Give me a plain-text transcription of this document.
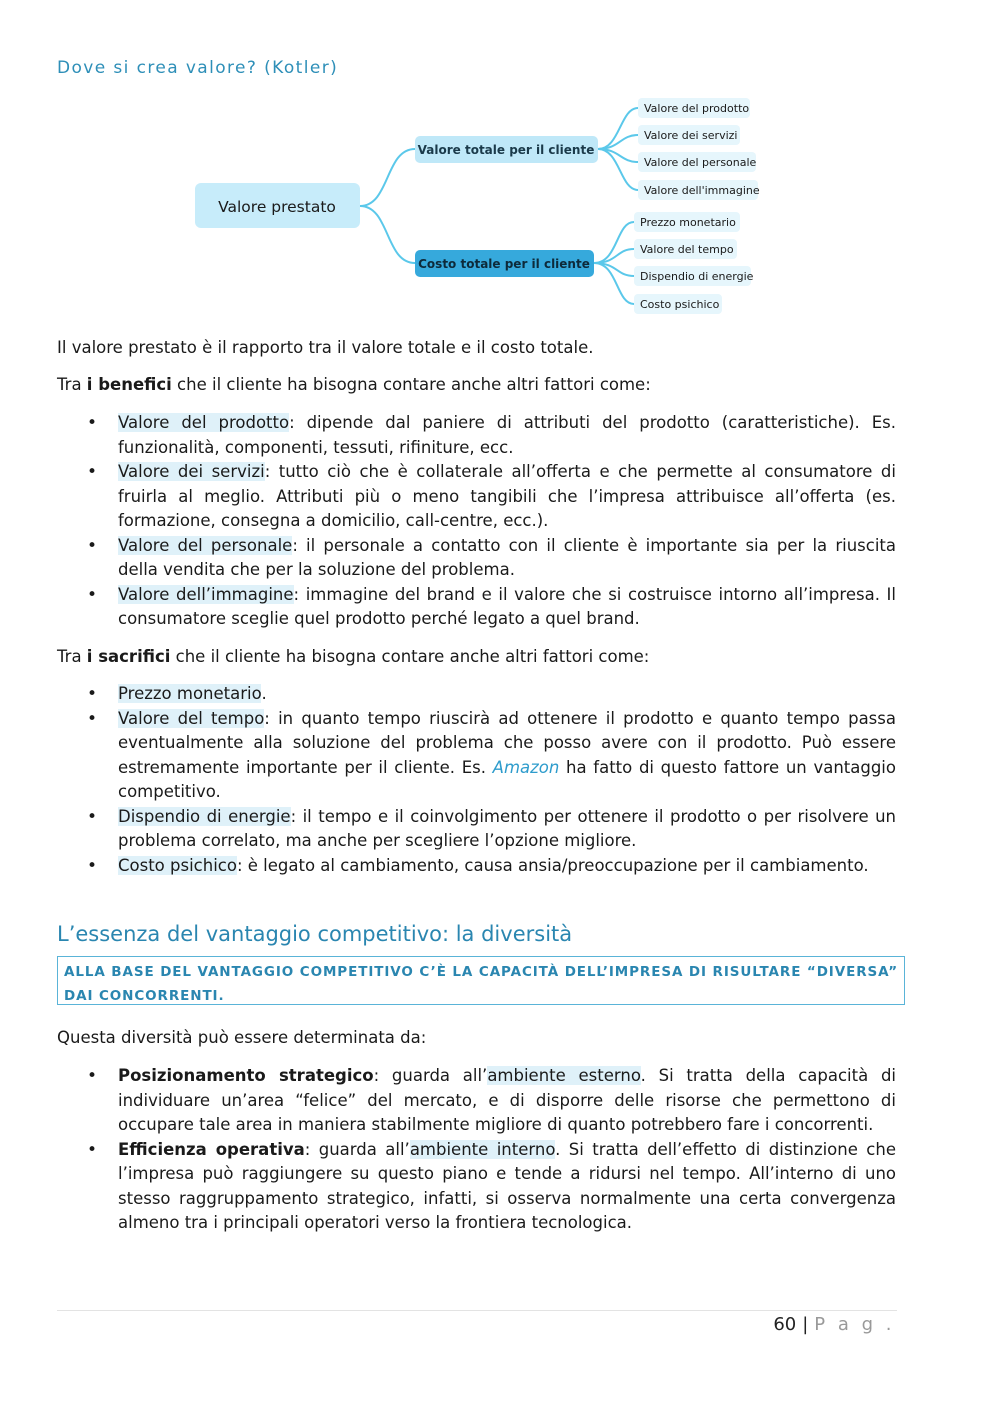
Dove si crea valore? (Kotler)
Valore prestato
Valore totale per il cliente
Costo totale per il cliente
Valore del prodotto
Valore dei servizi
Valore del personale
Valore dell'immagine
Prezzo monetario
Valore del tempo
Dispendio di energie
Costo psichico

Il valore prestato è il rapporto tra il valore totale e il costo totale.

Tra i benefici che il cliente ha bisogna contare anche altri fattori come:

• Valore del prodotto: dipende dal paniere di attributi del prodotto (caratteristiche). Es. funzionalità, componenti, tessuti, rifiniture, ecc.
• Valore dei servizi: tutto ciò che è collaterale all’offerta e che permette al consumatore di fruirla al meglio. Attributi più o meno tangibili che l’impresa attribuisce all’offerta (es. formazione, consegna a domicilio, call-centre, ecc.).
• Valore del personale: il personale a contatto con il cliente è importante sia per la riuscita della vendita che per la soluzione del problema.
• Valore dell’immagine: immagine del brand e il valore che si costruisce intorno all’impresa. Il consumatore sceglie quel prodotto perché legato a quel brand.

Tra i sacrifici che il cliente ha bisogna contare anche altri fattori come:

• Prezzo monetario.
• Valore del tempo: in quanto tempo riuscirà ad ottenere il prodotto e quanto tempo passa eventualmente alla soluzione del problema che posso avere con il prodotto. Può essere estremamente importante per il cliente. Es. Amazon ha fatto di questo fattore un vantaggio competitivo.
• Dispendio di energie: il tempo e il coinvolgimento per ottenere il prodotto o per risolvere un problema correlato, ma anche per scegliere l’opzione migliore.
• Costo psichico: è legato al cambiamento, causa ansia/preoccupazione per il cambiamento.
L’essenza del vantaggio competitivo: la diversità
ALLA BASE DEL VANTAGGIO COMPETITIVO C’È LA CAPACITÀ DELL’IMPRESA DI RISULTARE “DIVERSA” DAI CONCORRENTI.

Questa diversità può essere determinata da:

• Posizionamento strategico: guarda all’ambiente esterno. Si tratta della capacità di individuare un’area “felice” del mercato, e di disporre delle risorse che permettono di occupare tale area in maniera stabilmente migliore di quanto potrebbero fare i concorrenti.
• Efficienza operativa: guarda all’ambiente interno. Si tratta dell’effetto di distinzione che l’impresa può raggiungere su questo piano e tende a ridursi nel tempo. All’interno di uno stesso raggruppamento strategico, infatti, si osserva normalmente una certa convergenza almeno tra i principali operatori verso la frontiera tecnologica.
60 | P a g .
